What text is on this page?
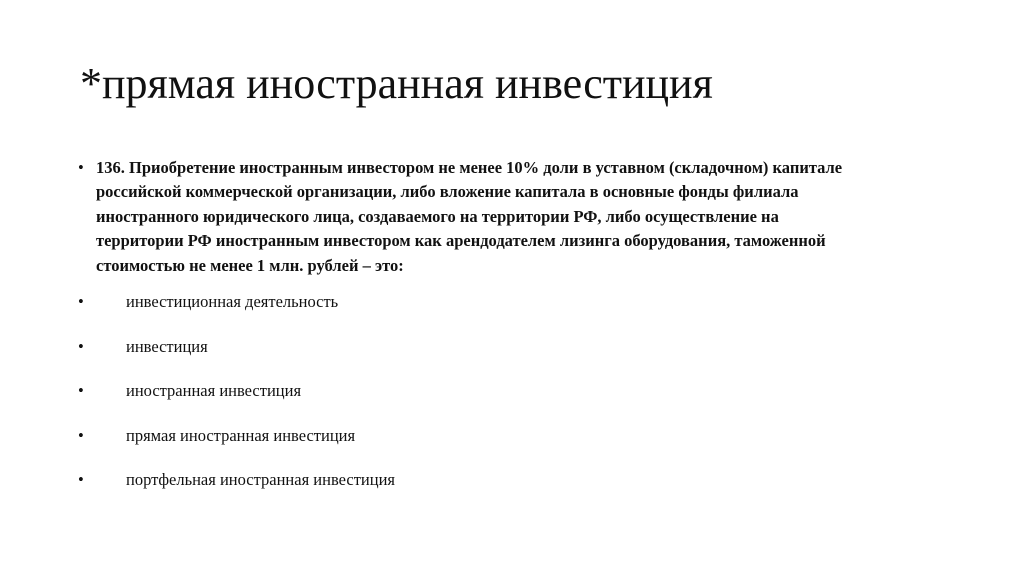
*прямая иностранная инвестиция
• 136. Приобретение иностранным инвестором не менее 10% доли в уставном (складочном) капитале
российской коммерческой организации, либо вложение капитала в основные фонды филиала
иностранного юридического лица, создаваемого на территории РФ, либо осуществление на
территории РФ иностранным инвестором как арендодателем лизинга оборудования, таможенной
стоимостью не менее 1 млн. рублей – это:
•	инвестиционная деятельность
•	инвестиция
•	иностранная инвестиция
•	прямая иностранная инвестиция
•	портфельная иностранная инвестиция
